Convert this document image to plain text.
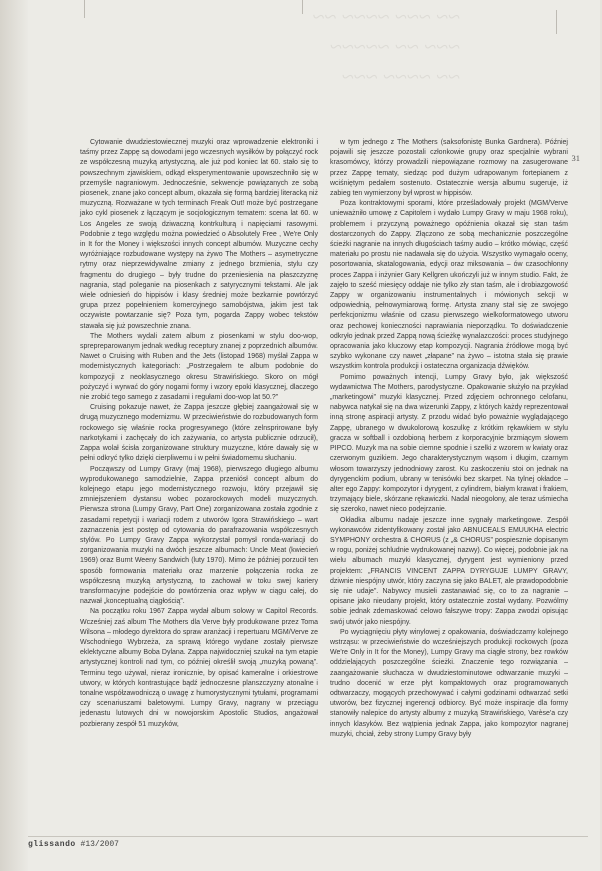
~~ ~~~ ~~~~ ~~
~~~ ~~ ~~~~~
~~ ~~~~ ~~~
31

Cytowanie dwudziestowiecznej muzyki oraz wprowadzenie elektroniki i taśmy przez Zappę są dowodami jego wczesnych wysiłków by połączyć rock ze współczesną muzyką artystyczną, ale już pod koniec lat 60. stało się to powszechnym zjawiskiem, odkąd eksperymentowanie upowszechniło się w przemyśle nagraniowym. Jednocześnie, sekwencje powiązanych ze sobą piosenek, znane jako concept album, okazała się formą bardziej literacką niż muzyczną. Rozważane w tych terminach Freak Out! może być postrzegane jako cykl piosenek z łączącym je socjologicznym tematem: scena lat 60. w Los Angeles ze swoją dziwaczną kontrkulturą i napięciami rasowymi. Podobnie z tego względu można powiedzieć o Absolutely Free , We're Only in It for the Money i większości innych concept albumów. Muzyczne cechy wyróżniające rozbudowane występy na żywo The Mothers – asymetryczne rytmy oraz nieprzewidywalne zmiany z jednego brzmienia, stylu czy fragmentu do drugiego – były trudne do przeniesienia na płaszczyznę nagrania, stąd poleganie na piosenkach z satyrycznymi tekstami. Ale jak wiele odniesień do hippisów i klasy średniej może bezkarnie powtórzyć grupa przez popełnieniem komercyjnego samobójstwa, jakim jest tak oczywiste powtarzanie się? Poza tym, pogarda Zappy wobec tekstów stawała się już powszechnie znana.

The Mothers wydali zatem album z piosenkami w stylu doo-wop, sprepreparowanym jednak według receptury znanej z poprzednich albumów. Nawet o Cruising with Ruben and the Jets (listopad 1968) myślał Zappa w modernistycznych kategoriach: „Postrzegałem te album podobnie do kompozycji z neoklasycznego okresu Strawińskiego. Skoro on mógł pożyczyć i wyrwać do góry nogami formy i wzory epoki klasycznej, dlaczego nie zrobić tego samego z zasadami i regułami doo-wop lat 50.?”

Cruising pokazuje nawet, że Zappa jeszcze głębiej zaangażował się w drugą muzycznego modernizmu. W przeciwieństwie do rozbudowanych form rockowego się właśnie rocka progresywnego (które zelnsprirowane były narkotykami i zachęcały do ich zażywania, co artysta publicznie odrzucił), Zappa wolał ścisła zorganizowane struktury muzyczne, które dawały się w pełni odkryć tylko dzięki cierpliwemu i w pełni świadomemu słuchaniu.

Począwszy od Lumpy Gravy (maj 1968), pierwszego długiego albumu wyprodukowanego samodzielnie, Zappa przeniósł concept album do kolejnego etapu jego modernistycznego rozwoju, który przejawił się zmniejszeniem dystansu wobec pozarockowych modeli muzycznych. Pierwsza strona (Lumpy Gravy, Part One) zorganizowana została zgodnie z zasadami repetycji i wariacji rodem z utworów Igora Strawińskiego – wart zaznaczenia jest postęp od cytowania do parafrazowania współczesnych stylów. Po Lumpy Gravy Zappa wykorzystał pomysł ronda-wariacji do zorganizowania muzyki na dwóch jeszcze albumach: Uncle Meat (kwiecień 1969) oraz Burnt Weeny Sandwich (luty 1970). Mimo że później porzucił ten sposób formowania materiału oraz marzenie połączenia rocka ze współczesną muzyką artystyczną, to zachował w toku swej kariery transformacyjne podejście do powtórzenia oraz wpływ w ciągu całej, do nazwał „konceptualną ciągłością”.

Na początku roku 1967 Zappa wydał album solowy w Capitol Records. Wcześniej zaś album The Mothers dla Verve były produkowane przez Toma Wilsona – młodego dyrektora do spraw aranżacji i repertuaru MGM/Verve ze Wschodniego Wybrzeża, za sprawą którego wydane zostały pierwsze eklektyczne albumy Boba Dylana. Zappa najwidoczniej szukał na tym etapie artystycznej kontroli nad tym, co później określił swoją „muzyką powaną”. Terminu tego używał, nieraz ironicznie, by opisać kameralne i orkiestrowe utwory, w których kontrastujące bądź jednoczesne planszczyzny atonalne i tonalne współzawodniczą o uwagę z humorystycznymi tytułami, programami czy scenariuszami baletowymi. Lumpy Gravy, nagrany w przeciągu jedenastu lutowych dni w nowojorskim Apostolic Studios, angażował pozbierany zespół 51 muzyków,

w tym jednego z The Mothers (saksofonistę Bunka Gardnera). Później pojawili się jeszcze pozostali członkowie grupy oraz specjalnie wybrani krasomówcy, którzy prowadzili niepowiązane rozmowy na zasugerowane przez Zappę tematy, siedząc pod dużym udrapowanym fortepianem z wciśniętym pedałem sostenuto. Ostatecznie wersja albumu sugeruje, iż zabieg ten wymierzony był wprost w hippisów.

Poza kontraktowymi sporami, które prześladowały projekt (MGM/Verve unieważniło umowę z Capitolem i wydało Lumpy Gravy w maju 1968 roku), problemem i przyczyną poważnego opóźnienia okazał się stan taśm dostarczonych do Zappy. Złączono ze sobą mechanicznie poszczególne ścieżki nagranie na innych długościach taśmy audio – krótko mówiąc, część materiału po prostu nie nadawała się do użycia. Wszystko wymagało oceny, posortowania, skatalogowania, edycji oraz miksowania – ów czasochłonny proces Zappa i inżynier Gary Kellgren ukończyli już w innym studio. Fakt, że zajęło to sześć miesięcy oddaje nie tylko zły stan taśm, ale i drobiazgowość Zappy w organizowaniu instrumentalnych i mówionych sekcji w odpowiednią, pełnowymiarową formę. Artysta znany stał się ze swojego perfekcjonizmu właśnie od czasu pierwszego wielkoformatowego utworu oraz pechowej konieczności naprawiania nieporządku. To doświadczenie odkryło jednak przed Zappą nową ścieżkę wynalazczości: proces studyjnego opracowania jako kluczowy etap kompozycji. Nagrania źródłowe mogą być szybko wykonane czy nawet „złapane” na żywo – istotna stała się prawie wszystkim kontrola produkcji i ostateczna organizacja dźwięków.

Pomimo poważnych intencji, Lumpy Gravy było, jak większość wydawnictwa The Mothers, parodystyczne. Opakowanie służyło na przykład „marketingowi” muzyki klasycznej. Przed zdjęciem ochronnego celofanu, nabywca natykał się na dwa wizerunki Zappy, z których każdy reprezentował inną stronę aspiracji artysty. Z przodu widać było poważnie wyglądającego Zappę, ubranego w dwukolorową koszulkę z krótkim rękawkiem w stylu gracza w softball i ozdobioną herbem z korporacyjnie brzmiącym słowem PIPCO. Muzyk ma na sobie ciemne spodnie i szelki z wzorem w kwiaty oraz czerwonym guzikiem. Jego charakterystycznym wąsom i długim, czarnym włosom towarzyszy jednodniowy zarost. Ku zaskoczeniu stoi on jednak na dyrygenckim podium, ubrany w tenisówki bez skarpet. Na tylnej okładce – alter ego Zappy: kompozytor i dyrygent, z cylindrem, białym krawat i frakiem, trzymający biele, skórzane rękawiczki. Nadal nieogolony, ale teraz uśmiecha się szeroko, nawet nieco podejrzanie.

Okładka albumu nadaje jeszcze inne sygnały marketingowe. Zespół wykonawców zidentyfikowany został jako ABNUCEALS EMUUKHA electric SYMPHONY orchestra & CHORUS (z „& CHORUS” pospiesznie dopisanym w rogu, poniżej schludnie wydrukowanej nazwy). Co więcej, podobnie jak na wielu albumach muzyki klasycznej, dyrygent jest wymieniony przed projektem: „FRANCIS VINCENT ZAPPA DYRYGUJE LUMPY GRAVY, dziwnie niespójny utwór, który zaczyna się jako BALET, ale prawdopodobnie się nie udaje”. Nabywcy musieli zastanawiać się, co to za nagranie – opisane jako nieudany projekt, który ostatecznie został wydany. Pozwólmy sobie jednak zdemaskować celowo fałszywe tropy: Zappa zwodzi opisując swój utwór jako niespójny.

Po wyciągnięciu płyty winylowej z opakowania, doświadczamy kolejnego wstrząsu: w przeciwieństwie do wcześniejszych produkcji rockowych (poza We're Only in It for the Money), Lumpy Gravy ma ciągłe strony, bez rowków oddzielających poszczególne ścieżki. Znaczenie tego rozwiązania – zaangażowanie słuchacza w dwudziestominutowe odtwarzanie muzyki – trudno docenić w erze płyt kompaktowych oraz programowanych odtwarzaczy, mogących przechowywać i całymi godzinami odtwarzać setki utworów, bez fizycznej ingerencji odbiorcy. Być może inspiracje dla formy stanowiły nalepice do artysty albumy z muzyką Strawińskiego, Varèse'a czy innych klasyków. Bez wątpienia jednak Zappa, jako kompozytor nagranej muzyki, chciał, żeby strony Lumpy Gravy były

glissando #13/2007
